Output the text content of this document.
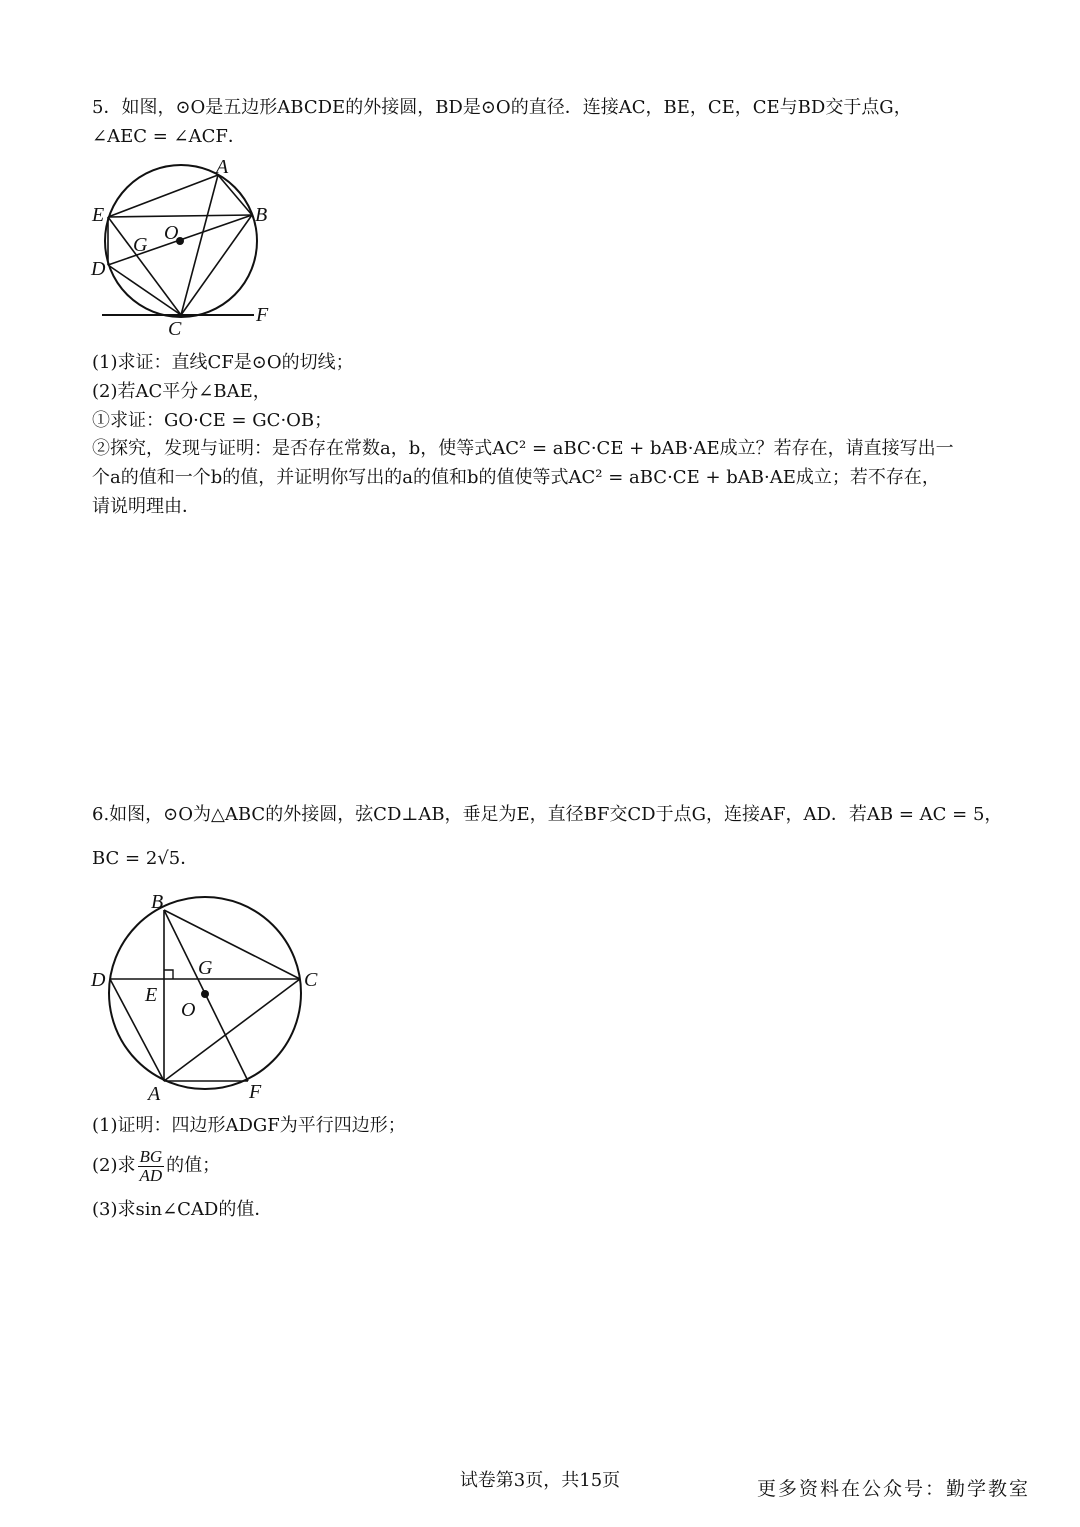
5．如图，⊙O是五边形ABCDE的外接圆，BD是⊙O的直径．连接AC，BE，CE，CE与BD交于点G，
∠AEC = ∠ACF．
A
B
E
O
G
D
C
F
(1)求证：直线CF是⊙O的切线；
(2)若AC平分∠BAE，
①求证：GO·CE = GC·OB；
②探究，发现与证明：是否存在常数a，b，使等式AC² = aBC·CE + bAB·AE成立？若存在，请直接写出一
个a的值和一个b的值，并证明你写出的a的值和b的值使等式AC² = aBC·CE + bAB·AE成立；若不存在，
请说明理由．
6.如图，⊙O为△ABC的外接圆，弦CD⊥AB，垂足为E，直径BF交CD于点G，连接AF，AD．若AB = AC = 5，
BC = 2√5．
B
D
G
C
E
O
A	F
(1)证明：四边形ADGF为平行四边形；
(2)求 $\frac{BG}{AD}$ 的值；
(3)求sin∠CAD的值．
试卷第3页，共15页	更多资料在公众号：勤学教室
